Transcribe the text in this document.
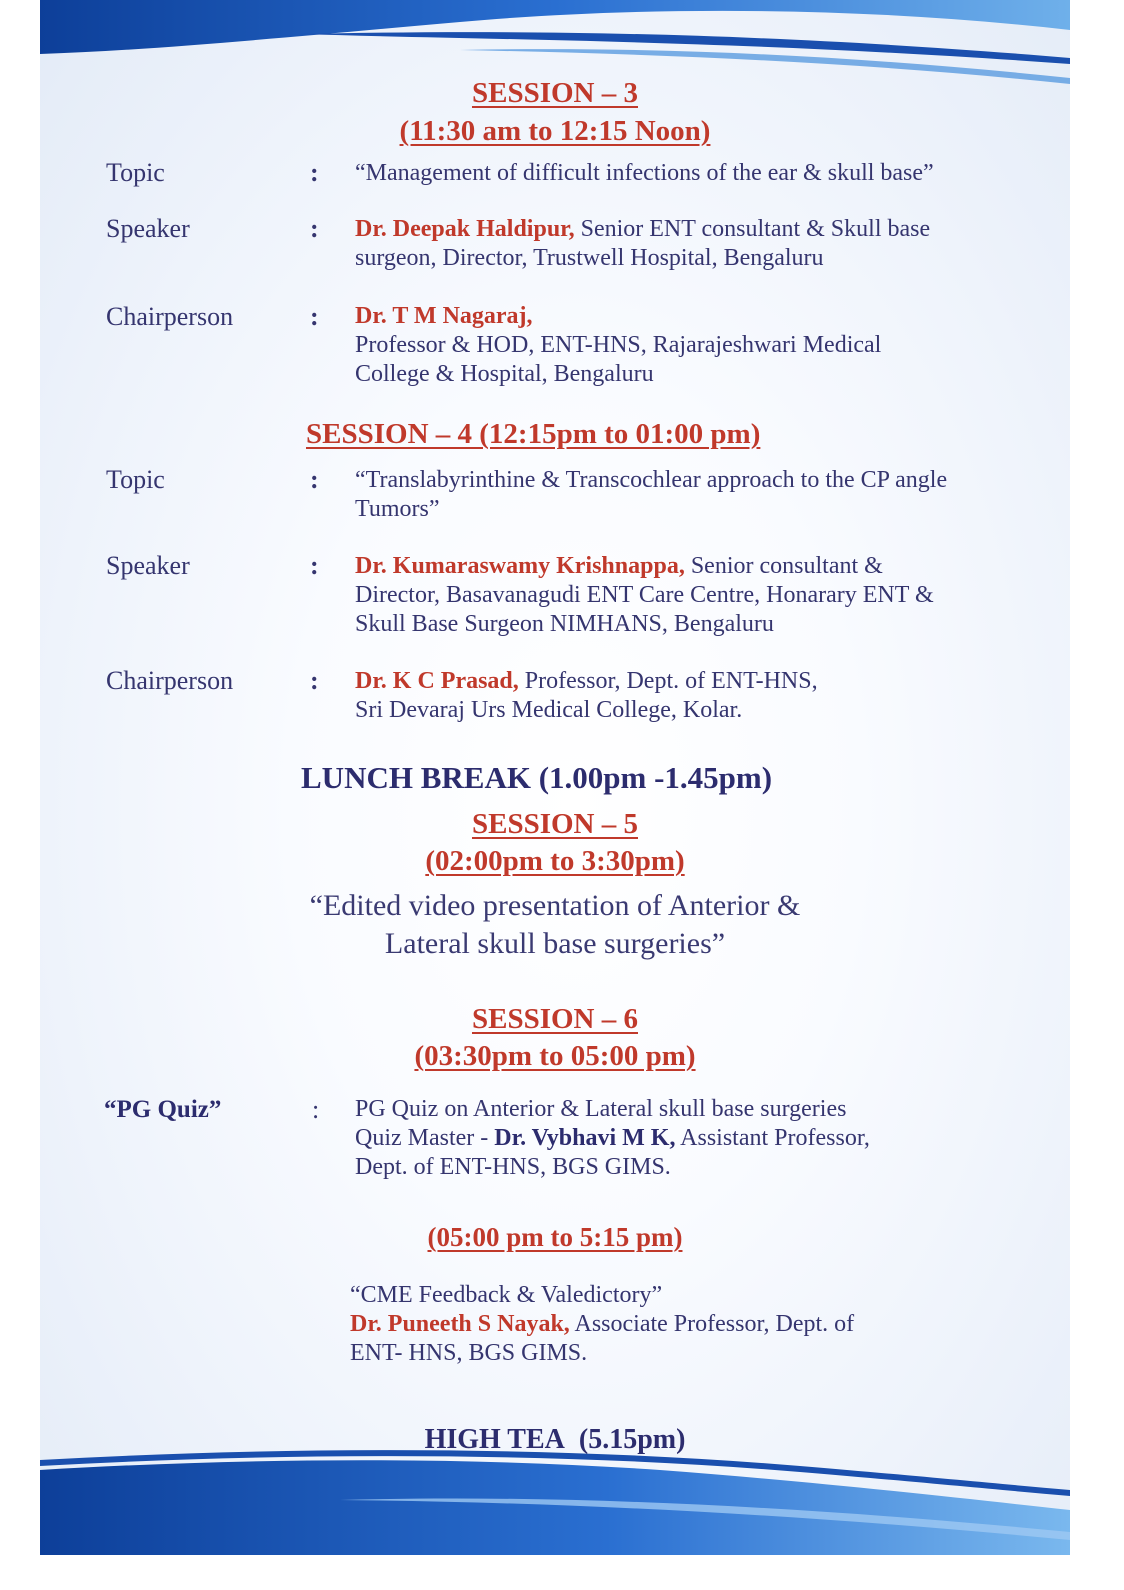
SESSION – 3

(11:30 am to 12:15 Noon)

Topic	: “Management of difficult infections of the ear & skull base”

Speaker	: Dr. Deepak Haldipur, Senior ENT consultant & Skull base
surgeon, Director, Trustwell Hospital, Bengaluru

Chairperson	: Dr. T M Nagaraj,
Professor & HOD, ENT-HNS, Rajarajeshwari Medical
College & Hospital, Bengaluru

SESSION – 4 (12:15pm to 01:00 pm)

Topic	: “Translabyrinthine & Transcochlear approach to the CP angle
Tumors”

Speaker	: Dr. Kumaraswamy Krishnappa, Senior consultant &
Director, Basavanagudi ENT Care Centre, Honarary ENT &
Skull Base Surgeon NIMHANS, Bengaluru

Chairperson	: Dr. K C Prasad, Professor, Dept. of ENT-HNS,
Sri Devaraj Urs Medical College, Kolar.

LUNCH BREAK (1.00pm -1.45pm)

SESSION – 5

(02:00pm to 3:30pm)

“Edited video presentation of Anterior &

Lateral skull base surgeries”

SESSION – 6

(03:30pm to 05:00 pm)

“PG Quiz”	: PG Quiz on Anterior & Lateral skull base surgeries
Quiz Master - Dr. Vybhavi M K, Assistant Professor,
Dept. of ENT-HNS, BGS GIMS.

(05:00 pm to 5:15 pm)

“CME Feedback & Valedictory”
Dr. Puneeth S Nayak, Associate Professor, Dept. of
ENT- HNS, BGS GIMS.

HIGH TEA (5.15pm)
